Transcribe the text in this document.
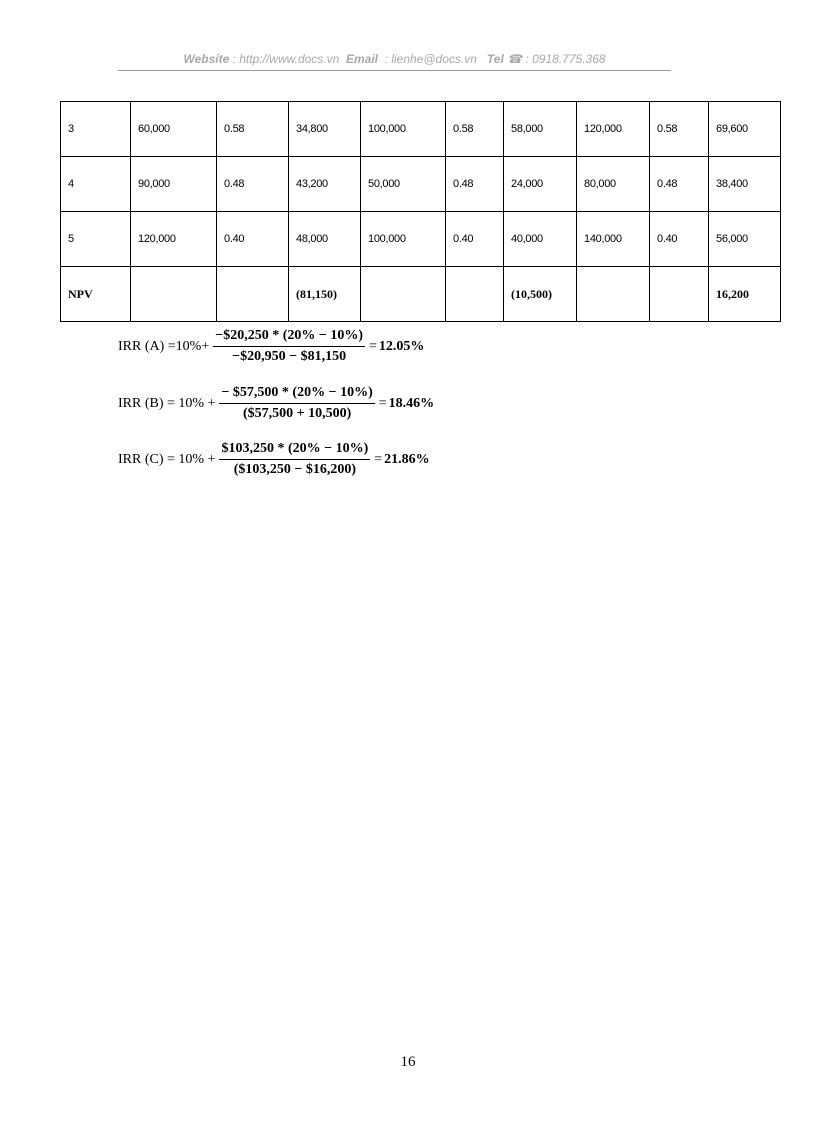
Website : http://www.docs.vn Email : lienhe@docs.vn Tel ☎ : 0918.775.368
3	60,000	0.58	34,800	100,000	0.58	58,000	120,000	0.58	69,600
4	90,000	0.48	43,200	50,000	0.48	24,000	80,000	0.48	38,400
5	120,000	0.40	48,000	100,000	0.40	40,000	140,000	0.40	56,000
NPV			(81,150)			(10,500)			16,200
IRR $(A) =10\%+ \frac{-\$20,250 * (20\% - 10\%)}{-\$20,950 - \$81,150} = 12.05\%$
IRR $(B) = 10\% + \frac{- \$57,500 * (20\% - 10\%)}{(\$57,500 + 10,500)} = 18.46\%$
IRR $(C) = 10\% + \frac{\$103,250 * (20\% - 10\%)}{(\$103,250 - \$16,200)} = 21.86\%$
16
